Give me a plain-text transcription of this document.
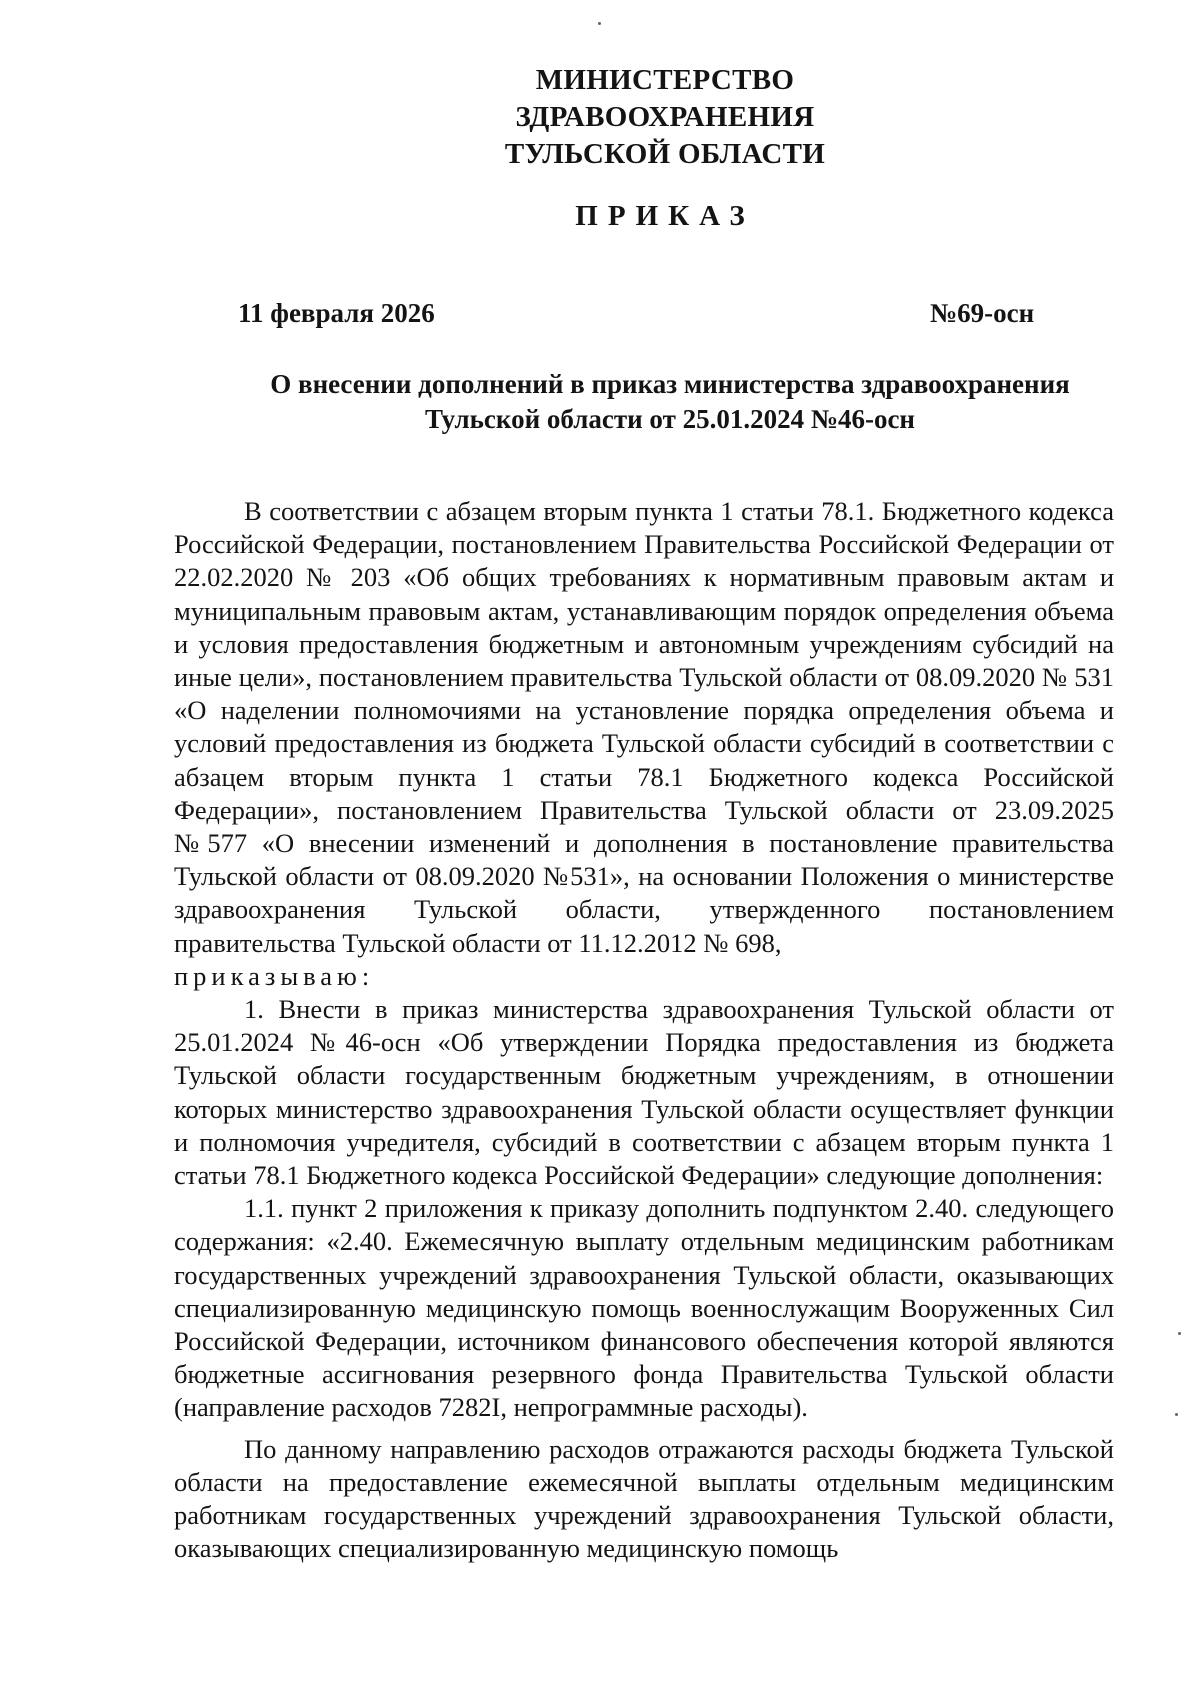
МИНИСТЕРСТВО
ЗДРАВООХРАНЕНИЯ
ТУЛЬСКОЙ ОБЛАСТИ
ПРИКАЗ
11 февраля 2026	№69-осн
О внесении дополнений в приказ министерства здравоохранения
Тульской области от 25.01.2024 №46-осн

В соответствии с абзацем вторым пункта 1 статьи 78.1. Бюджетного кодекса Российской Федерации, постановлением Правительства Российской Федерации от 22.02.2020 № 203 «Об общих требованиях к нормативным правовым актам и муниципальным правовым актам, устанавливающим порядок определения объема и условия предоставления бюджетным и автономным учреждениям субсидий на иные цели», постановлением правительства Тульской области от 08.09.2020 № 531 «О наделении полномочиями на установление порядка определения объема и условий предоставления из бюджета Тульской области субсидий в соответствии с абзацем вторым пункта 1 статьи 78.1 Бюджетного кодекса Российской Федерации», постановлением Правительства Тульской области от 23.09.2025 №577 «О внесении изменений и дополнения в постановление правительства Тульской области от 08.09.2020 №531», на основании Положения о министерстве здравоохранения Тульской области, утвержденного постановлением правительства Тульской области от 11.12.2012 № 698,
приказываю:

1. Внести в приказ министерства здравоохранения Тульской области от 25.01.2024 №46-осн «Об утверждении Порядка предоставления из бюджета Тульской области государственным бюджетным учреждениям, в отношении которых министерство здравоохранения Тульской области осуществляет функции и полномочия учредителя, субсидий в соответствии с абзацем вторым пункта 1 статьи 78.1 Бюджетного кодекса Российской Федерации» следующие дополнения:

1.1. пункт 2 приложения к приказу дополнить подпунктом 2.40. следующего содержания: «2.40. Ежемесячную выплату отдельным медицинским работникам государственных учреждений здравоохранения Тульской области, оказывающих специализированную медицинскую помощь военнослужащим Вооруженных Сил Российской Федерации, источником финансового обеспечения которой являются бюджетные ассигнования резервного фонда Правительства Тульской области (направление расходов 7282I, непрограммные расходы).

По данному направлению расходов отражаются расходы бюджета Тульской области на предоставление ежемесячной выплаты отдельным медицинским работникам государственных учреждений здравоохранения Тульской области, оказывающих специализированную медицинскую помощь
